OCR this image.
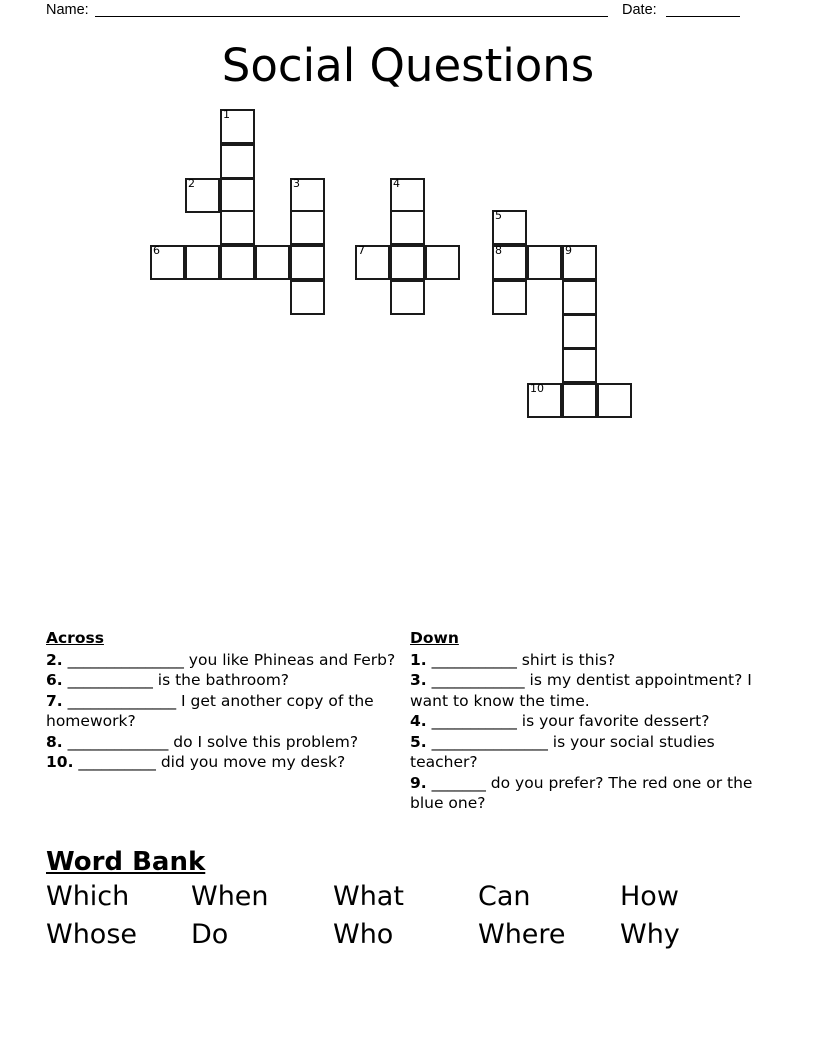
Name:	Date:
Social Questions
1
2	3	4
5
6	7	8	9
10
Across
2. _______________ you like Phineas and Ferb?
6. ___________ is the bathroom?
7. ______________ I get another copy of the homework?
8. _____________ do I solve this problem?
10. __________ did you move my desk?
Down
1. ___________ shirt is this?
3. ____________ is my dentist appointment? I want to know the time.
4. ___________ is your favorite dessert?
5. _______________ is your social studies teacher?
9. _______ do you prefer? The red one or the blue one?
Word Bank
Which When What	Can	How
Whose Do	Who	Where Why
